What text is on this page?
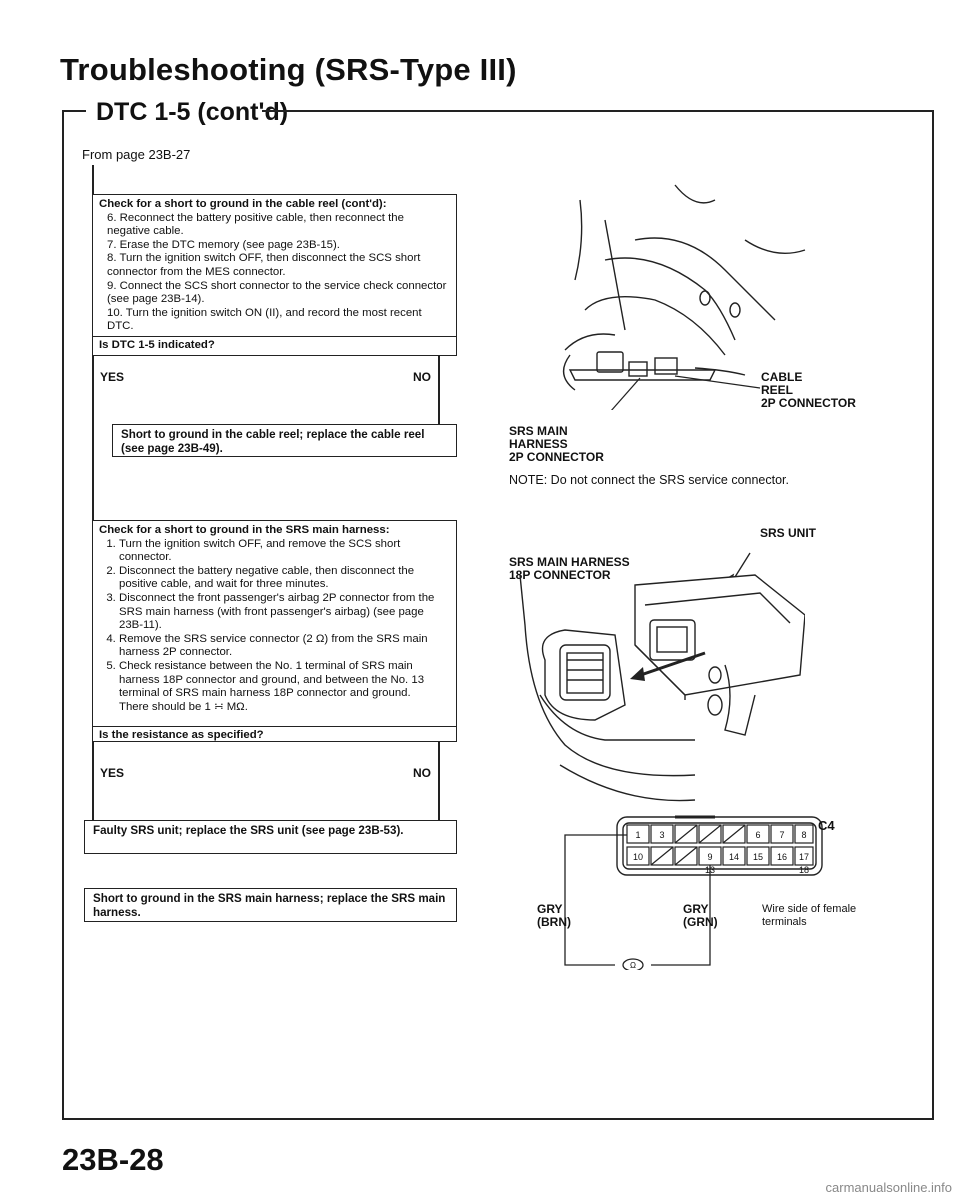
Troubleshooting (SRS-Type III)
DTC 1-5 (cont'd)
From page 23B-27
Check for a short to ground in the cable reel (cont'd):
6. Reconnect the battery positive cable, then reconnect the negative cable.
7. Erase the DTC memory (see page 23B-15).
8. Turn the ignition switch OFF, then disconnect the SCS short connector from the MES connector.
9. Connect the SCS short connector to the service check connector (see page 23B-14).
10. Turn the ignition switch ON (II), and record the most recent DTC.
Is DTC 1-5 indicated?
YES	NO
Short to ground in the cable reel; replace the cable reel (see page 23B-49).
Check for a short to ground in the SRS main harness:
1. Turn the ignition switch OFF, and remove the SCS short connector.
2. Disconnect the battery negative cable, then disconnect the positive cable, and wait for three minutes.
3. Disconnect the front passenger's airbag 2P connector from the SRS main harness (with front passenger's airbag) (see page 23B-11).
4. Remove the SRS service connector (2 Ω) from the SRS main harness 2P connector.
5. Check resistance between the No. 1 terminal of SRS main harness 18P connector and ground, and between the No. 13 terminal of SRS main harness 18P connector and ground.
There should be 1 ∺ MΩ.
Is the resistance as specified?
YES	NO
Faulty SRS unit; replace the SRS unit (see page 23B-53).
Short to ground in the SRS main harness; replace the SRS main harness.
CABLE
REEL
2P CONNECTOR
SRS MAIN
HARNESS
2P CONNECTOR
NOTE: Do not connect the SRS service connector.
SRS UNIT
SRS MAIN HARNESS
18P CONNECTOR
1 3	6 7 8
9
10
13
14 15 16 17
18
Ω
C4
GRY
(BRN)
GRY
(GRN)
Wire side of female
terminals
23B-28
carmanualsonline.info
